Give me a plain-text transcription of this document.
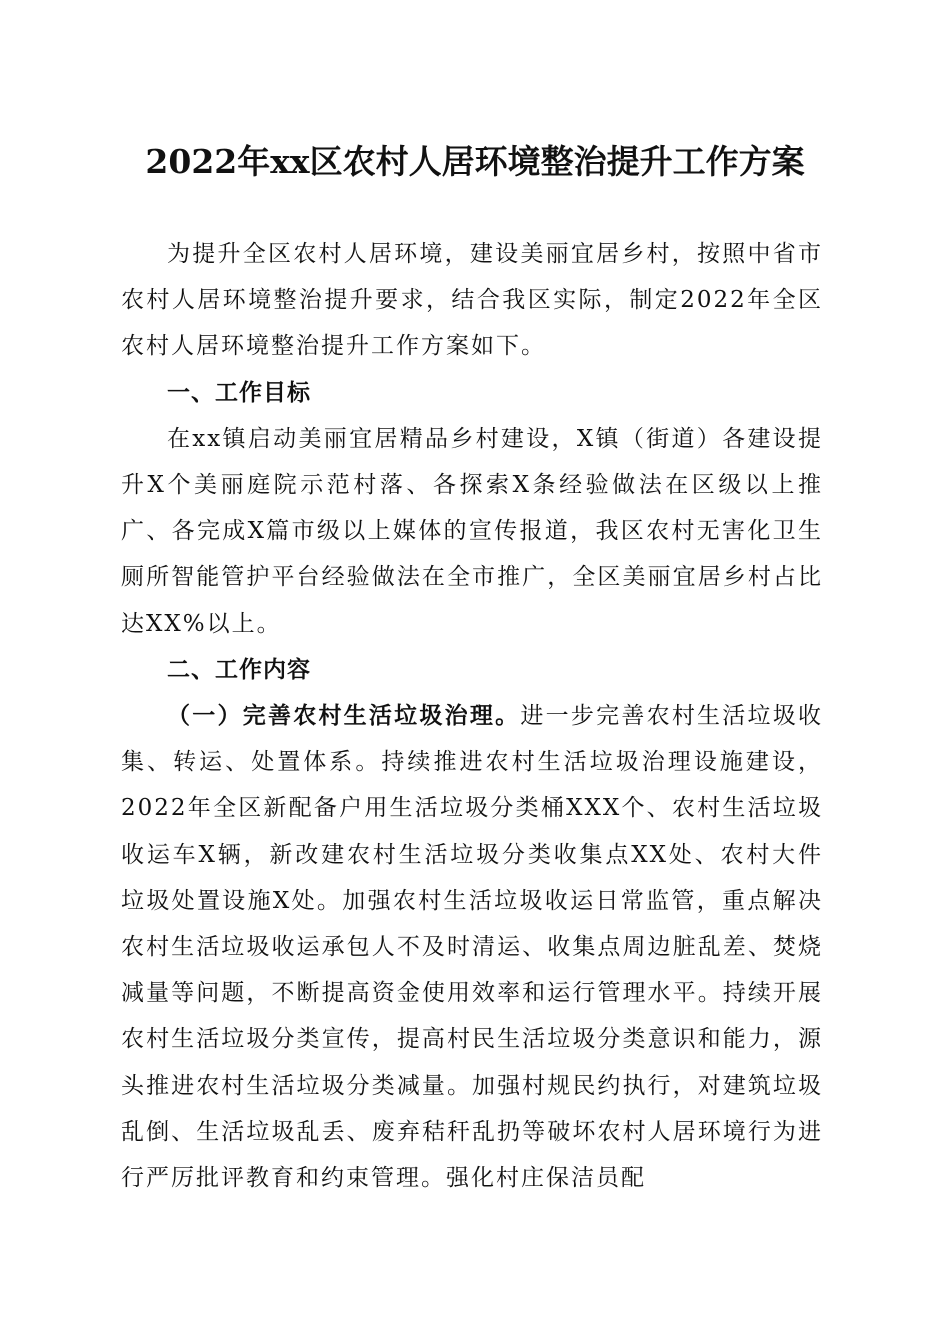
2022年xx区农村人居环境整治提升工作方案

为提升全区农村人居环境，建设美丽宜居乡村，按照中省市农村人居环境整治提升要求，结合我区实际，制定2022年全区农村人居环境整治提升工作方案如下。

一、工作目标

在xx镇启动美丽宜居精品乡村建设，X镇（街道）各建设提升X个美丽庭院示范村落、各探索X条经验做法在区级以上推广、各完成X篇市级以上媒体的宣传报道，我区农村无害化卫生厕所智能管护平台经验做法在全市推广，全区美丽宜居乡村占比达XX%以上。

二、工作内容

（一）完善农村生活垃圾治理。进一步完善农村生活垃圾收集、转运、处置体系。持续推进农村生活垃圾治理设施建设，2022年全区新配备户用生活垃圾分类桶XXX个、农村生活垃圾收运车X辆，新改建农村生活垃圾分类收集点XX处、农村大件垃圾处置设施X处。加强农村生活垃圾收运日常监管，重点解决农村生活垃圾收运承包人不及时清运、收集点周边脏乱差、焚烧减量等问题，不断提高资金使用效率和运行管理水平。持续开展农村生活垃圾分类宣传，提高村民生活垃圾分类意识和能力，源头推进农村生活垃圾分类减量。加强村规民约执行，对建筑垃圾乱倒、生活垃圾乱丢、废弃秸秆乱扔等破坏农村人居环境行为进行严厉批评教育和约束管理。强化村庄保洁员配
